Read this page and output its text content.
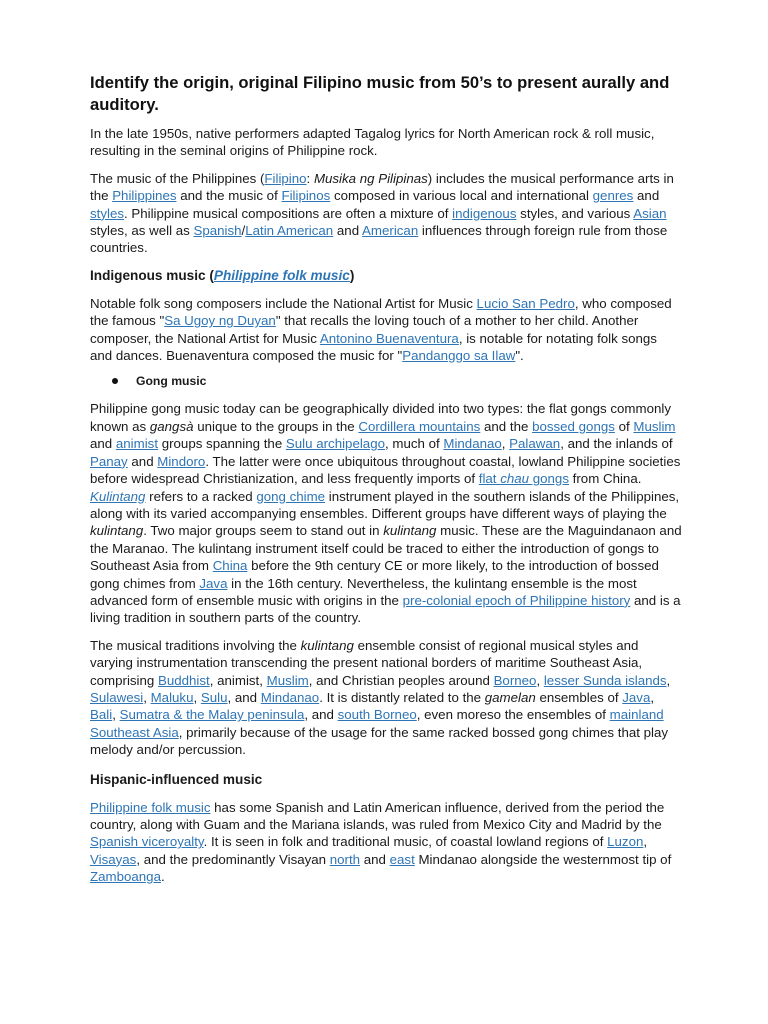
Identify the origin, original Filipino music from 50’s to present aurally and auditory.

In the late 1950s, native performers adapted Tagalog lyrics for North American rock & roll music, resulting in the seminal origins of Philippine rock.

The music of the Philippines (Filipino: Musika ng Pilipinas) includes the musical performance arts in the Philippines and the music of Filipinos composed in various local and international genres and styles. Philippine musical compositions are often a mixture of indigenous styles, and various Asian styles, as well as Spanish/Latin American and American influences through foreign rule from those countries.

Indigenous music (Philippine folk music)

Notable folk song composers include the National Artist for Music Lucio San Pedro, who composed the famous "Sa Ugoy ng Duyan" that recalls the loving touch of a mother to her child. Another composer, the National Artist for Music Antonino Buenaventura, is notable for notating folk songs and dances. Buenaventura composed the music for "Pandanggo sa Ilaw".

Gong music

Philippine gong music today can be geographically divided into two types: the flat gongs commonly known as gangsà unique to the groups in the Cordillera mountains and the bossed gongs of Muslim and animist groups spanning the Sulu archipelago, much of Mindanao, Palawan, and the inlands of Panay and Mindoro. The latter were once ubiquitous throughout coastal, lowland Philippine societies before widespread Christianization, and less frequently imports of flat chau gongs from China. Kulintang refers to a racked gong chime instrument played in the southern islands of the Philippines, along with its varied accompanying ensembles. Different groups have different ways of playing the kulintang. Two major groups seem to stand out in kulintang music. These are the Maguindanaon and the Maranao. The kulintang instrument itself could be traced to either the introduction of gongs to Southeast Asia from China before the 9th century CE or more likely, to the introduction of bossed gong chimes from Java in the 16th century. Nevertheless, the kulintang ensemble is the most advanced form of ensemble music with origins in the pre-colonial epoch of Philippine history and is a living tradition in southern parts of the country.

The musical traditions involving the kulintang ensemble consist of regional musical styles and varying instrumentation transcending the present national borders of maritime Southeast Asia, comprising Buddhist, animist, Muslim, and Christian peoples around Borneo, lesser Sunda islands, Sulawesi, Maluku, Sulu, and Mindanao. It is distantly related to the gamelan ensembles of Java, Bali, Sumatra & the Malay peninsula, and south Borneo, even moreso the ensembles of mainland Southeast Asia, primarily because of the usage for the same racked bossed gong chimes that play melody and/or percussion.

Hispanic-influenced music

Philippine folk music has some Spanish and Latin American influence, derived from the period the country, along with Guam and the Mariana islands, was ruled from Mexico City and Madrid by the Spanish viceroyalty. It is seen in folk and traditional music, of coastal lowland regions of Luzon, Visayas, and the predominantly Visayan north and east Mindanao alongside the westernmost tip of Zamboanga.
